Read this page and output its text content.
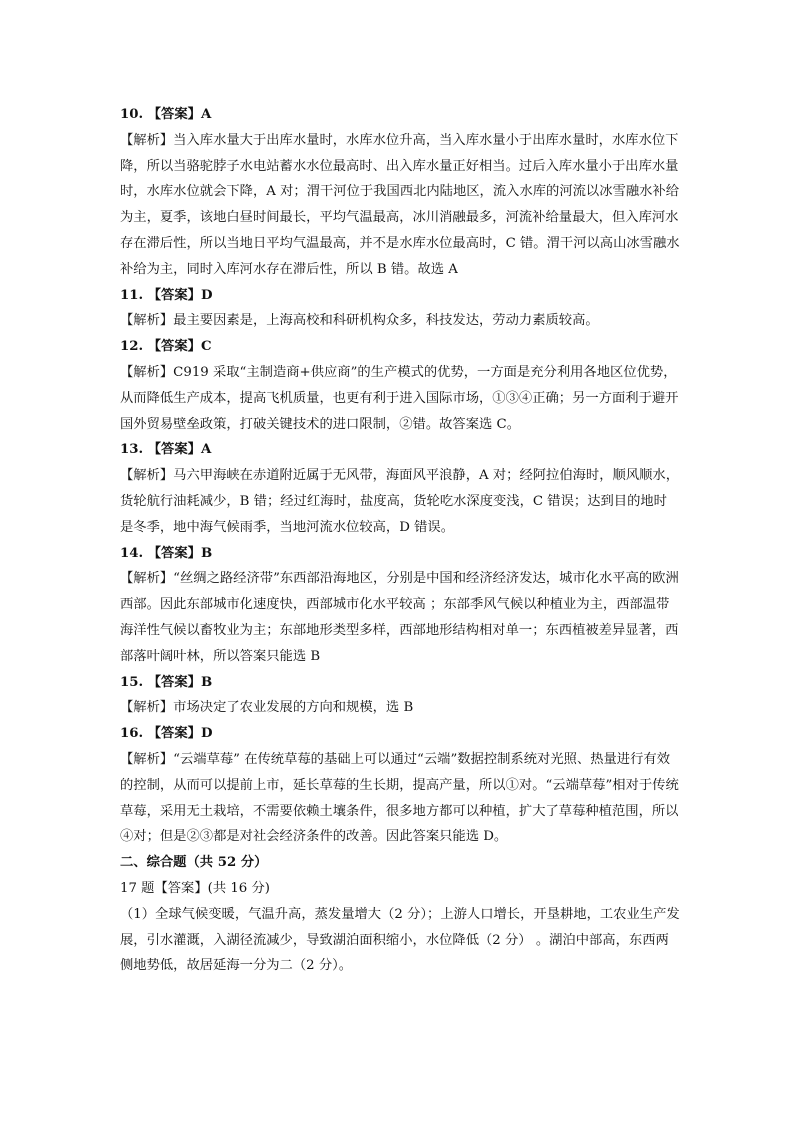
10. 【答案】A

【解析】当入库水量大于出库水量时，水库水位升高，当入库水量小于出库水量时，水库水位下降，所以当骆驼脖子水电站蓄水水位最高时、出入库水量正好相当。过后入库水量小于出库水量时，水库水位就会下降，A 对；渭干河位于我国西北内陆地区，流入水库的河流以冰雪融水补给为主，夏季，该地白昼时间最长，平均气温最高，冰川消融最多，河流补给量最大，但入库河水存在滞后性，所以当地日平均气温最高，并不是水库水位最高时，C 错。渭干河以高山冰雪融水补给为主，同时入库河水存在滞后性，所以 B 错。故选 A

11. 【答案】D

【解析】最主要因素是，上海高校和科研机构众多，科技发达，劳动力素质较高。

12. 【答案】C

【解析】C919 采取“主制造商+供应商”的生产模式的优势，一方面是充分利用各地区位优势，从而降低生产成本，提高飞机质量，也更有利于进入国际市场，①③④正确；另一方面利于避开国外贸易壁垒政策，打破关键技术的进口限制，②错。故答案选 C。

13. 【答案】A

【解析】马六甲海峡在赤道附近属于无风带，海面风平浪静，A 对；经阿拉伯海时，顺风顺水，货轮航行油耗减少，B 错；经过红海时，盐度高，货轮吃水深度变浅，C 错误；达到目的地时是冬季，地中海气候雨季，当地河流水位较高，D 错误。

14. 【答案】B

【解析】“丝绸之路经济带”东西部沿海地区，分别是中国和经济经济发达，城市化水平高的欧洲西部。因此东部城市化速度快，西部城市化水平较高 ；东部季风气候以种植业为主，西部温带海洋性气候以畜牧业为主；东部地形类型多样，西部地形结构相对单一；东西植被差异显著，西部落叶阔叶林，所以答案只能选 B

15. 【答案】B

【解析】市场决定了农业发展的方向和规模，选 B

16. 【答案】D

【解析】“云端草莓” 在传统草莓的基础上可以通过“云端”数据控制系统对光照、热量进行有效的控制，从而可以提前上市，延长草莓的生长期，提高产量，所以①对。“云端草莓”相对于传统草莓，采用无土栽培，不需要依赖土壤条件，很多地方都可以种植，扩大了草莓种植范围，所以④对；但是②③都是对社会经济条件的改善。因此答案只能选 D。

二、综合题（共 52 分）

17 题【答案】(共 16 分)

（1）全球气候变暖，气温升高，蒸发量增大（2 分）；上游人口增长，开垦耕地，工农业生产发展，引水灌溉，入湖径流减少，导致湖泊面积缩小，水位降低（2 分） 。湖泊中部高，东西两侧地势低，故居延海一分为二（2 分）。
